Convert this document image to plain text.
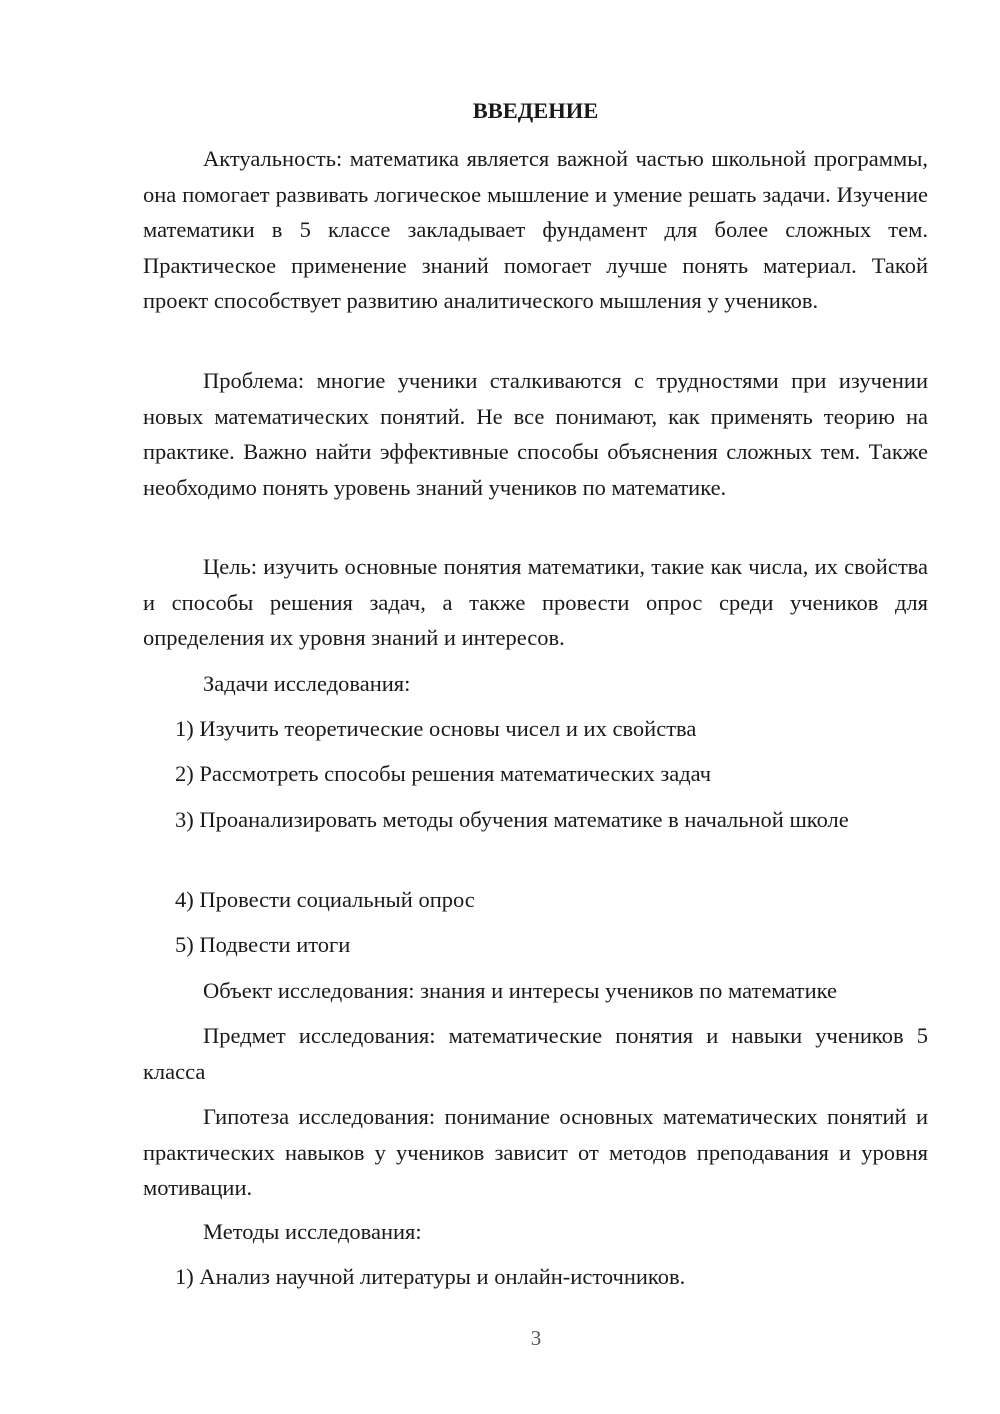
ВВЕДЕНИЕ

Актуальность: математика является важной частью школьной программы, она помогает развивать логическое мышление и умение решать задачи. Изучение математики в 5 классе закладывает фундамент для более сложных тем. Практическое применение знаний помогает лучше понять материал. Такой проект способствует развитию аналитического мышления у учеников.

Проблема: многие ученики сталкиваются с трудностями при изучении новых математических понятий. Не все понимают, как применять теорию на практике. Важно найти эффективные способы объяснения сложных тем. Также необходимо понять уровень знаний учеников по математике.

Цель: изучить основные понятия математики, такие как числа, их свойства и способы решения задач, а также провести опрос среди учеников для определения их уровня знаний и интересов.

Задачи исследования:

1) Изучить теоретические основы чисел и их свойства

2) Рассмотреть способы решения математических задач

3) Проанализировать методы обучения математике в начальной школе

4) Провести социальный опрос

5) Подвести итоги

Объект исследования: знания и интересы учеников по математике

Предмет исследования: математические понятия и навыки учеников 5 класса

Гипотеза исследования: понимание основных математических понятий и практических навыков у учеников зависит от методов преподавания и уровня мотивации.

Методы исследования:

1) Анализ научной литературы и онлайн-источников.

3
